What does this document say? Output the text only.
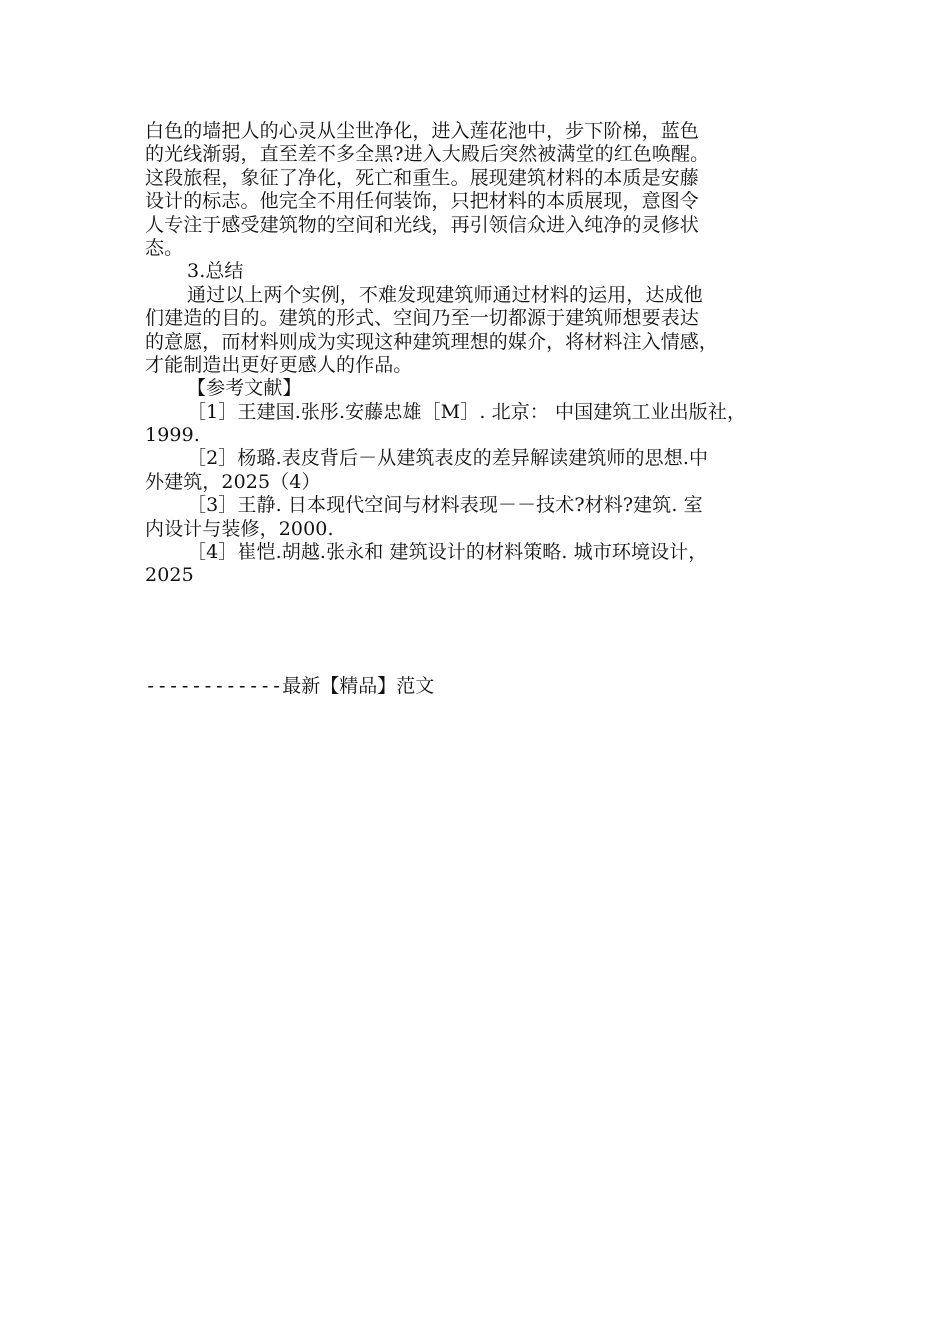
白色的墙把人的心灵从尘世净化，进入莲花池中，步下阶梯，蓝色
的光线渐弱，直至差不多全黑?进入大殿后突然被满堂的红色唤醒。
这段旅程，象征了净化，死亡和重生。展现建筑材料的本质是安藤
设计的标志。他完全不用任何装饰，只把材料的本质展现，意图令
人专注于感受建筑物的空间和光线，再引领信众进入纯净的灵修状
态。
3.总结
通过以上两个实例，不难发现建筑师通过材料的运用，达成他
们建造的目的。建筑的形式、空间乃至一切都源于建筑师想要表达
的意愿，而材料则成为实现这种建筑理想的媒介，将材料注入情感，
才能制造出更好更感人的作品。
【参考文献】
［1］王建国.张彤.安藤忠雄［M］. 北京： 中国建筑工业出版社，
1999.
［2］杨璐.表皮背后－从建筑表皮的差异解读建筑师的思想.中
外建筑，2025（4）
［3］王静. 日本现代空间与材料表现－－技术?材料?建筑. 室
内设计与装修，2000.
［4］崔恺.胡越.张永和 建筑设计的材料策略. 城市环境设计，
2025
------------最新【精品】范文
